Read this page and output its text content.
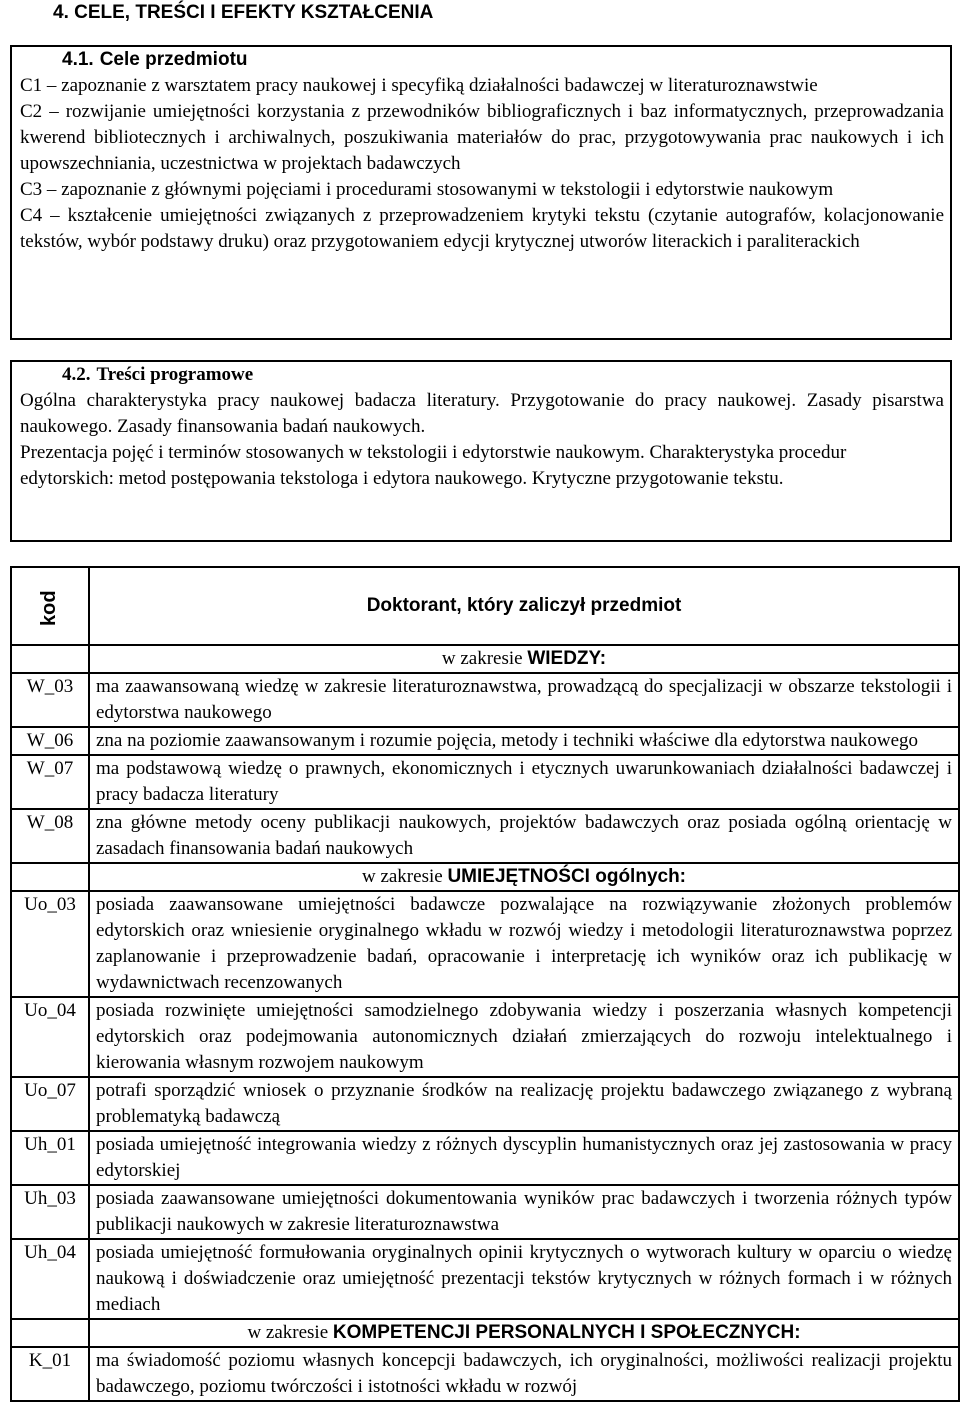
4. CELE, TREŚCI I EFEKTY KSZTAŁCENIA
4.1. Cele przedmiotu
C1 – zapoznanie z warsztatem pracy naukowej i specyfiką działalności badawczej w literaturoznawstwie
C2 – rozwijanie umiejętności korzystania z przewodników bibliograficznych i baz informatycznych, przeprowadzania kwerend bibliotecznych i archiwalnych, poszukiwania materiałów do prac, przygotowywania prac naukowych i ich upowszechniania, uczestnictwa w projektach badawczych
C3 – zapoznanie z głównymi pojęciami i procedurami stosowanymi w tekstologii i edytorstwie naukowym
C4 – kształcenie umiejętności związanych z przeprowadzeniem krytyki tekstu (czytanie autografów, kolacjonowanie tekstów, wybór podstawy druku) oraz przygotowaniem edycji krytycznej utworów literackich i paraliterackich
4.2. Treści programowe
Ogólna charakterystyka pracy naukowej badacza literatury. Przygotowanie do pracy naukowej. Zasady pisarstwa naukowego. Zasady finansowania badań naukowych.
Prezentacja pojęć i terminów stosowanych w tekstologii i edytorstwie naukowym. Charakterystyka procedur edytorskich: metod postępowania tekstologa i edytora naukowego. Krytyczne przygotowanie tekstu.
kod	Doktorant, który zaliczył przedmiot
	w zakresie WIEDZY:
W_03	ma zaawansowaną wiedzę w zakresie literaturoznawstwa, prowadzącą do specjalizacji w obszarze tekstologii i edytorstwa naukowego
W_06	zna na poziomie zaawansowanym i rozumie pojęcia, metody i techniki właściwe dla edytorstwa naukowego
W_07	ma podstawową wiedzę o prawnych, ekonomicznych i etycznych uwarunkowaniach działalności badawczej i pracy badacza literatury
W_08	zna główne metody oceny publikacji naukowych, projektów badawczych oraz posiada ogólną orientację w zasadach finansowania badań naukowych
	w zakresie UMIEJĘTNOŚCI ogólnych:
Uo_03	posiada zaawansowane umiejętności badawcze pozwalające na rozwiązywanie złożonych problemów edytorskich oraz wniesienie oryginalnego wkładu w rozwój wiedzy i metodologii literaturoznawstwa poprzez zaplanowanie i przeprowadzenie badań, opracowanie i interpretację ich wyników oraz ich publikację w wydawnictwach recenzowanych
Uo_04	posiada rozwinięte umiejętności samodzielnego zdobywania wiedzy i poszerzania własnych kompetencji edytorskich oraz podejmowania autonomicznych działań zmierzających do rozwoju intelektualnego i kierowania własnym rozwojem naukowym
Uo_07	potrafi sporządzić wniosek o przyznanie środków na realizację projektu badawczego związanego z wybraną problematyką badawczą
Uh_01	posiada umiejętność integrowania wiedzy z różnych dyscyplin humanistycznych oraz jej zastosowania w pracy edytorskiej
Uh_03	posiada zaawansowane umiejętności dokumentowania wyników prac badawczych i tworzenia różnych typów publikacji naukowych w zakresie literaturoznawstwa
Uh_04	posiada umiejętność formułowania oryginalnych opinii krytycznych o wytworach kultury w oparciu o wiedzę naukową i doświadczenie oraz umiejętność prezentacji tekstów krytycznych w różnych formach i w różnych mediach
	w zakresie KOMPETENCJI PERSONALNYCH I SPOŁECZNYCH:
K_01	ma świadomość poziomu własnych koncepcji badawczych, ich oryginalności, możliwości realizacji projektu badawczego, poziomu twórczości i istotności wkładu w rozwój
